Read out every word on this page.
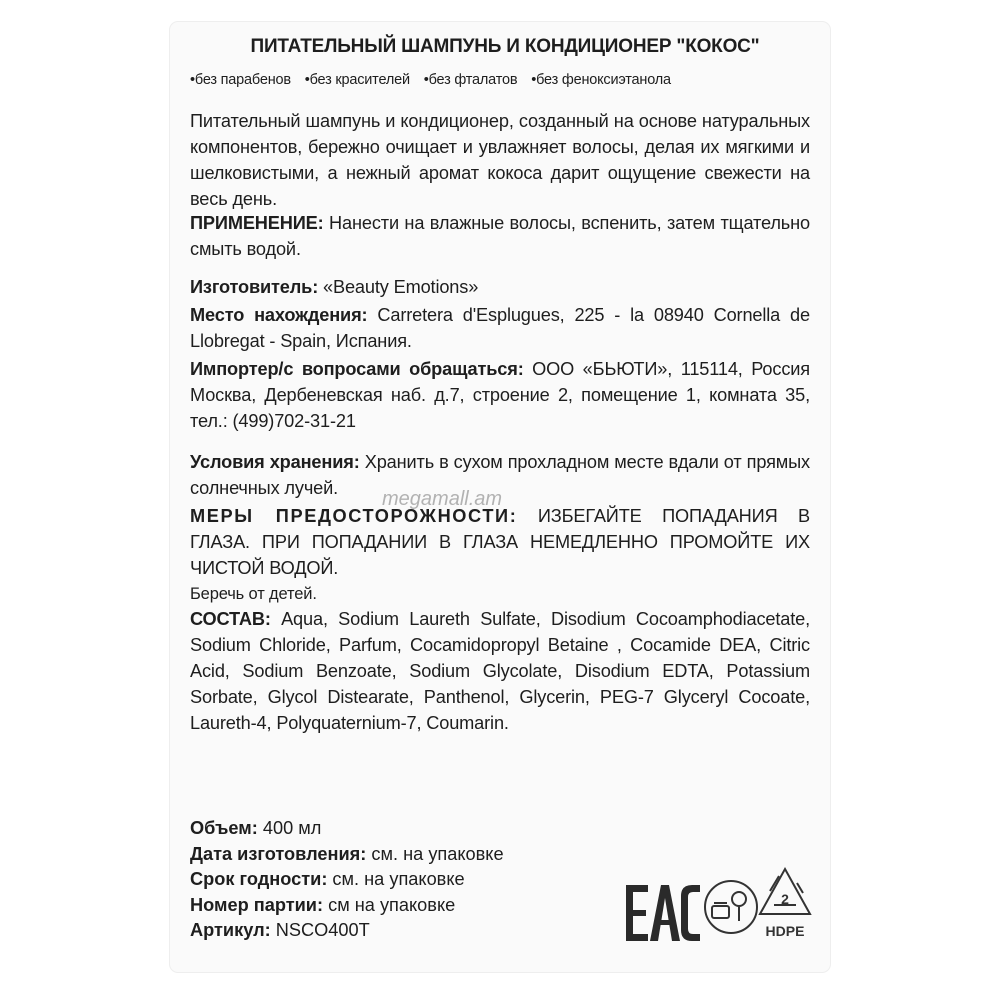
ПИТАТЕЛЬНЫЙ ШАМПУНЬ И КОНДИЦИОНЕР "КОКОС"
•без парабенов •без красителей •без фталатов •без феноксиэтанола
Питательный шампунь и кондиционер, созданный на основе натуральных компонентов, бережно очищает и увлажняет волосы, делая их мягкими и шелковистыми, а нежный аромат кокоса дарит ощущение свежести на весь день.
ПРИМЕНЕНИЕ: Нанести на влажные волосы, вспенить, затем тщательно смыть водой.
Изготовитель: «Beauty Emotions»
Место нахождения: Carretera d'Esplugues, 225 - la 08940 Cornella de Llobregat - Spain, Испания.
Импортер/с вопросами обращаться: ООО «БЬЮТИ», 115114, Россия Москва, Дербеневская наб. д.7, строение 2, помещение 1, комната 35, тел.: (499)702-31-21
Условия хранения: Хранить в сухом прохладном месте вдали от прямых солнечных лучей.	megamall.am
МЕРЫ ПРЕДОСТОРОЖНОСТИ: ИЗБЕГАЙТЕ ПОПАДАНИЯ В ГЛАЗА. ПРИ ПОПАДАНИИ В ГЛАЗА НЕМЕДЛЕННО ПРОМОЙТЕ ИХ ЧИСТОЙ ВОДОЙ.
Беречь от детей.
СОСТАВ: Aqua, Sodium Laureth Sulfate, Disodium Cocoamphodiacetate, Sodium Chloride, Parfum, Cocamidopropyl Betaine , Cocamide DEA, Citric Acid, Sodium Benzoate, Sodium Glycolate, Disodium EDTA, Potassium Sorbate, Glycol Distearate, Panthenol, Glycerin, PEG-7 Glyceryl Cocoate, Laureth-4, Polyquaternium-7, Coumarin.
Объем: 400 мл
Дата изготовления: см. на упаковке
Срок годности: см. на упаковке
Номер партии: см на упаковке
Артикул: NSCO400T
2
HDPE
